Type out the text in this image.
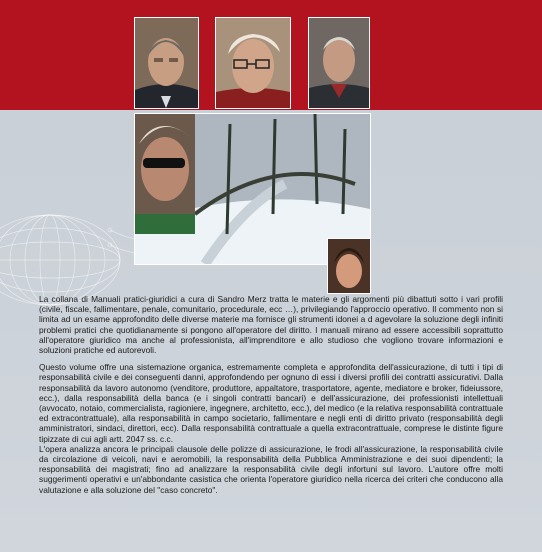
La collana di Manuali pratici-giuridici a cura di Sandro Merz tratta le materie e gli argomenti più dibattuti sotto i vari profili (civile, fiscale, fallimentare, penale, comunitario, procedurale, ecc …), privilegiando l'approccio operativo. Il commento non si limita ad un esame approfondito delle diverse materie ma fornisce gli strumenti idonei a d agevolare la soluzione degli infiniti problemi pratici che quotidianamente si pongono all'operatore del diritto. I manuali mirano ad essere accessibili soprattutto all'operatore giuridico ma anche al professionista, all'imprenditore e allo studioso che vogliono trovare informazioni e soluzioni pratiche ed autorevoli.

Questo volume offre una sistemazione organica, estremamente completa e approfondita dell'assicurazione, di tutti i tipi di responsabilità civile e dei conseguenti danni, approfondendo per ognuno di essi i diversi profili dei contratti assicurativi. Dalla responsabilità da lavoro autonomo (venditore, produttore, appaltatore, trasportatore, agente, mediatore e broker, fideiussore, ecc.), dalla responsabilità della banca (e i singoli contratti bancari) e dell'assicurazione, dei professionisti intellettuali (avvocato, notaio, commercialista, ragioniere, ingegnere, architetto, ecc.), del medico (e la relativa responsabilità contrattuale ed extracontrattuale), alla responsabilità in campo societario, fallimentare e negli enti di diritto privato (responsabilità degli amministratori, sindaci, direttori, ecc). Dalla responsabilità contrattuale a quella extracontrattuale, comprese le distinte figure tipizzate di cui agli artt. 2047 ss. c.c.

L'opera analizza ancora le principali clausole delle polizze di assicurazione, le frodi all'assicurazione, la responsabilità civile da circolazione di veicoli, navi e aeromobili, la responsabilità della Pubblica Amministrazione e dei suoi dipendenti; la responsabilità dei magistrati; fino ad analizzare la responsabilità civile degli infortuni sul lavoro. L'autore offre molti suggerimenti operativi e un'abbondante casistica che orienta l'operatore giuridico nella ricerca dei criteri che conducono alla valutazione e alla soluzione del "caso concreto".
